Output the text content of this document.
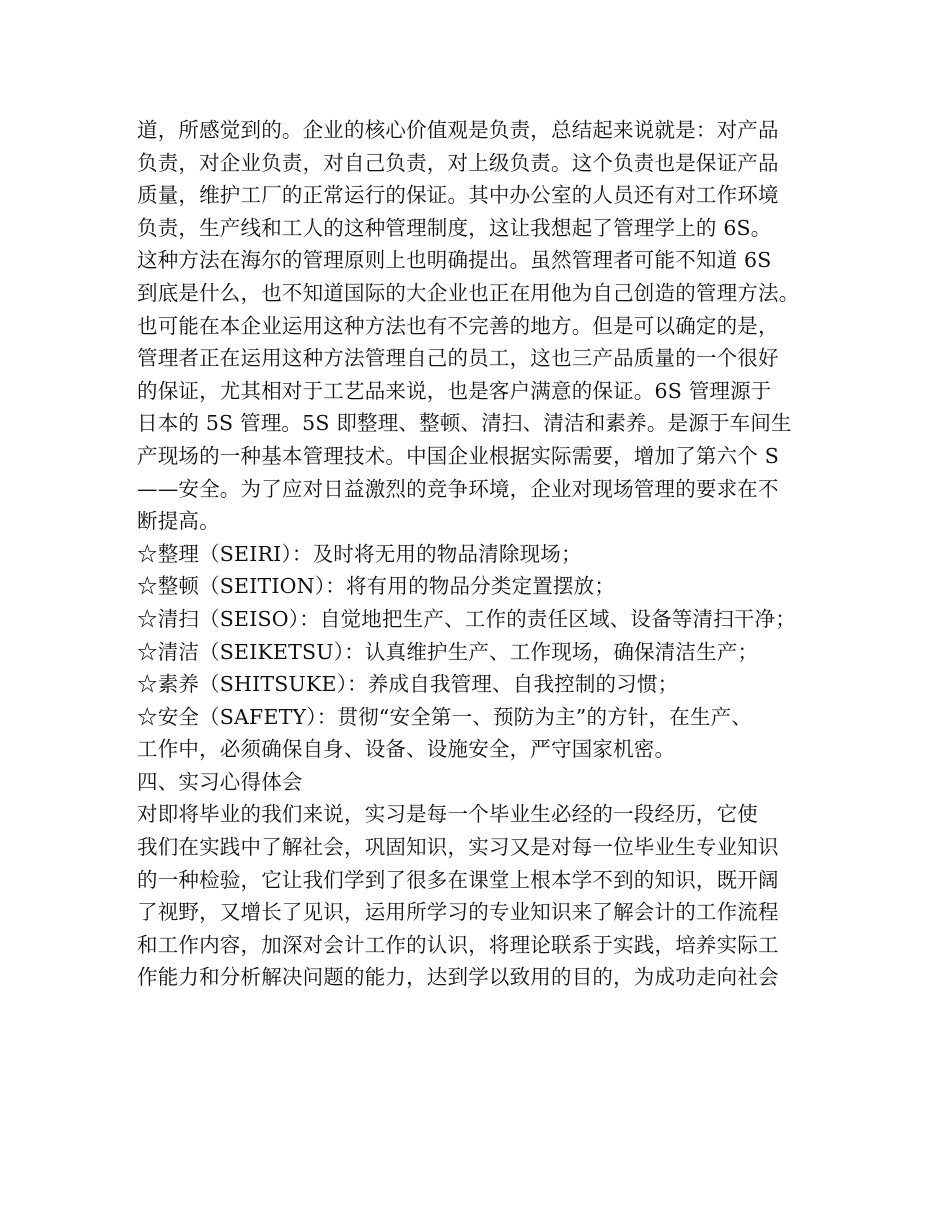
道，所感觉到的。企业的核心价值观是负责，总结起来说就是：对产品
负责，对企业负责，对自己负责，对上级负责。这个负责也是保证产品
质量，维护工厂的正常运行的保证。其中办公室的人员还有对工作环境
负责，生产线和工人的这种管理制度，这让我想起了管理学上的 6S。
这种方法在海尔的管理原则上也明确提出。虽然管理者可能不知道 6S
到底是什么，也不知道国际的大企业也正在用他为自己创造的管理方法。
也可能在本企业运用这种方法也有不完善的地方。但是可以确定的是，
管理者正在运用这种方法管理自己的员工，这也三产品质量的一个很好
的保证，尤其相对于工艺品来说，也是客户满意的保证。6S 管理源于
日本的 5S 管理。5S 即整理、整顿、清扫、清洁和素养。是源于车间生
产现场的一种基本管理技术。中国企业根据实际需要，增加了第六个 S
——安全。为了应对日益激烈的竞争环境，企业对现场管理的要求在不
断提高。
☆整理（SEIRI）：及时将无用的物品清除现场；
☆整顿（SEITION）：将有用的物品分类定置摆放；
☆清扫（SEISO）：自觉地把生产、工作的责任区域、设备等清扫干净；
☆清洁（SEIKETSU）：认真维护生产、工作现场，确保清洁生产；
☆素养（SHITSUKE）：养成自我管理、自我控制的习惯；
☆安全（SAFETY）：贯彻“安全第一、预防为主”的方针，在生产、
工作中，必须确保自身、设备、设施安全，严守国家机密。
四、实习心得体会
对即将毕业的我们来说，实习是每一个毕业生必经的一段经历，它使
我们在实践中了解社会，巩固知识，实习又是对每一位毕业生专业知识
的一种检验，它让我们学到了很多在课堂上根本学不到的知识，既开阔
了视野，又增长了见识，运用所学习的专业知识来了解会计的工作流程
和工作内容，加深对会计工作的认识，将理论联系于实践，培养实际工
作能力和分析解决问题的能力，达到学以致用的目的，为成功走向社会
